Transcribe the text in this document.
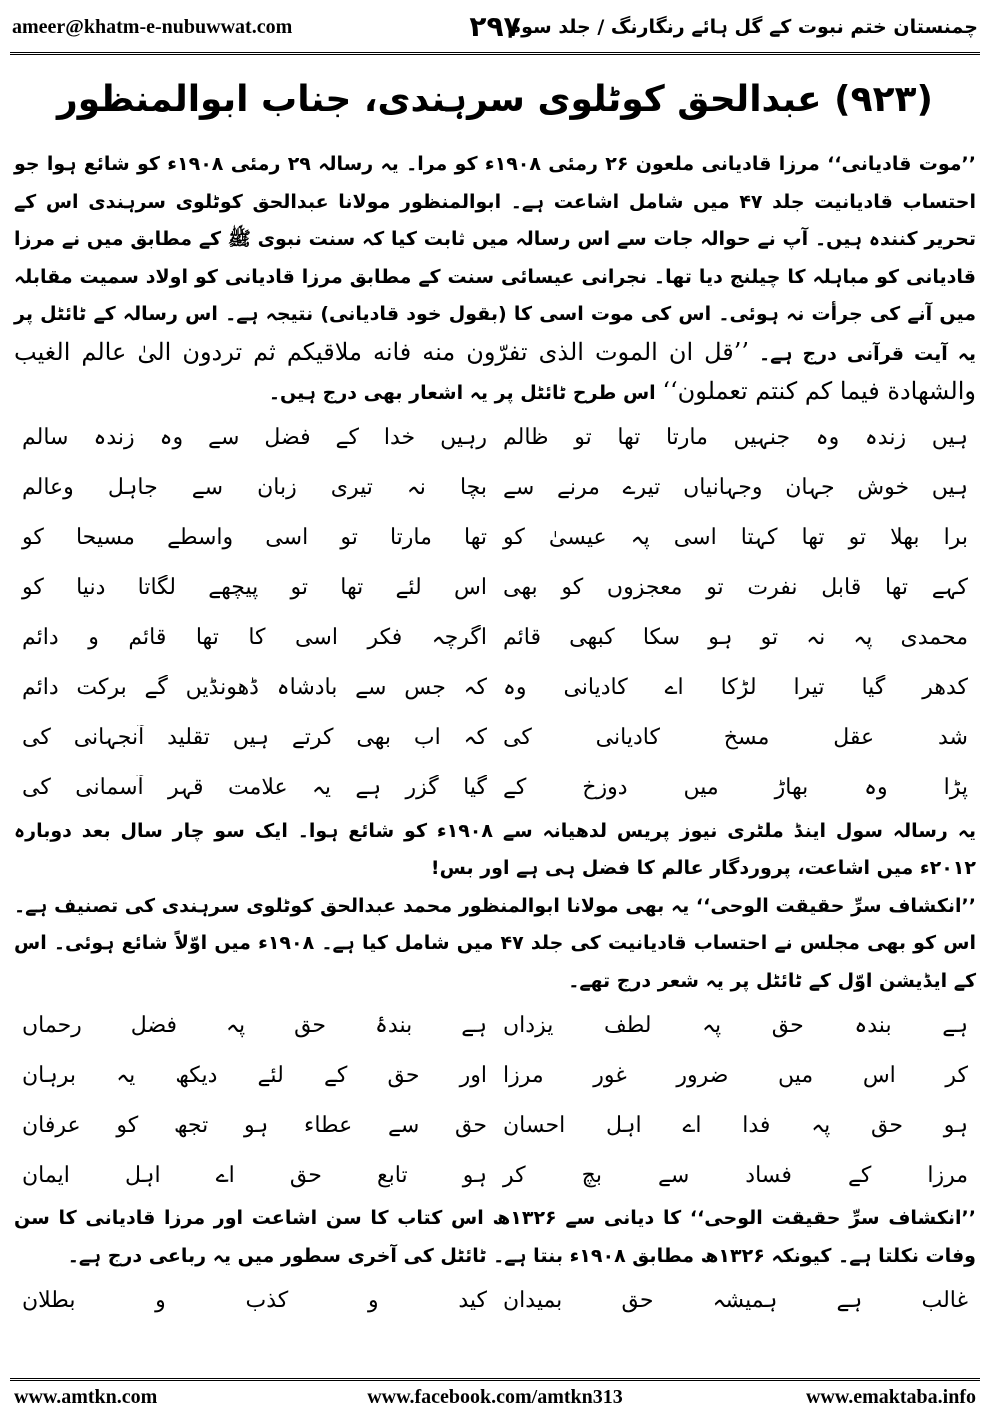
ameer@khatm-e-nubuwwat.com	۲۹۷
چمنستان ختم نبوت کے گل ہائے رنگارنگ / جلد سوم
(۹۲۳) عبدالحق کوٹلوی سرہندی، جناب ابوالمنظور

’’موت قادیانی‘‘ مرزا قادیانی ملعون ۲۶ رمئی ۱۹۰۸ء کو مرا۔ یہ رسالہ ۲۹ رمئی ۱۹۰۸ء کو شائع ہوا جو احتساب قادیانیت جلد ۴۷ میں شامل اشاعت ہے۔ ابوالمنظور مولانا عبدالحق کوٹلوی سرہندی اس کے تحریر کنندہ ہیں۔ آپ نے حوالہ جات سے اس رسالہ میں ثابت کیا کہ سنت نبوی ﷺ کے مطابق میں نے مرزا قادیانی کو مباہلہ کا چیلنج دیا تھا۔ نجرانی عیسائی سنت کے مطابق مرزا قادیانی کو اولاد سمیت مقابلہ میں آنے کی جرأت نہ ہوئی۔ اس کی موت اسی کا (بقول خود قادیانی) نتیجہ ہے۔ اس رسالہ کے ٹائٹل پر یہ آیت قرآنی درج ہے۔ ’’قل ان الموت الذی تفرّون منه فانه ملاقیکم ثم تردون الیٰ عالم الغیب والشهادة فیما کم کنتم تعملون‘‘ اس طرح ٹائٹل پر یہ اشعار بھی درج ہیں۔

ہیں زندہ وہ جنہیں مارتا تھا تو ظالم
رہیں خدا کے فضل سے وہ زندہ سالم
ہیں خوش جہان وجہانیاں تیرے مرنے سے
بچا نہ تیری زبان سے جاہل وعالم
برا بھلا تو تھا کہتا اسی پہ عیسیٰ کو
تھا مارتا تو اسی واسطے مسیحا کو
کہے تھا قابل نفرت تو معجزوں کو بھی
اس لئے تھا تو پیچھے لگاتا دنیا کو
محمدی پہ نہ تو ہو سکا کبھی قائم
اگرچہ فکر اسی کا تھا قائم و دائم
کدھر گیا تیرا لڑکا اے کادیانی وہ
کہ جس سے بادشاہ ڈھونڈیں گے برکت دائم
شد عقل مسخ کادیانی کی
کہ اب بھی کرتے ہیں تقلید آنجہانی کی
پڑا وہ بھاڑ میں دوزخ کے
گیا گزر ہے یہ علامت قہر آسمانی کی

یہ رسالہ سول اینڈ ملٹری نیوز پریس لدھیانہ سے ۱۹۰۸ء کو شائع ہوا۔ ایک سو چار سال بعد دوبارہ ۲۰۱۲ء میں اشاعت، پروردگار عالم کا فضل ہی ہے اور بس!

’’انکشاف سرِّ حقیقت الوحی‘‘ یہ بھی مولانا ابوالمنظور محمد عبدالحق کوٹلوی سرہندی کی تصنیف ہے۔ اس کو بھی مجلس نے احتساب قادیانیت کی جلد ۴۷ میں شامل کیا ہے۔ ۱۹۰۸ء میں اوّلاً شائع ہوئی۔ اس کے ایڈیشن اوّل کے ٹائٹل پر یہ شعر درج تھے۔

ہے بندہ حق پہ لطف یزداں
ہے بندۂ حق پہ فضل رحماں
کر اس میں ضرور غور مرزا
اور حق کے لئے دیکھ یہ برہان
ہو حق پہ فدا اے اہل احسان
حق سے عطاء ہو تجھ کو عرفان
مرزا کے فساد سے بچ کر
ہو تابع حق اے اہل ایمان

’’انکشاف سرِّ حقیقت الوحی‘‘ کا دیانی سے ۱۳۲۶ھ اس کتاب کا سن اشاعت اور مرزا قادیانی کا سن وفات نکلتا ہے۔ کیونکہ ۱۳۲۶ھ مطابق ۱۹۰۸ء بنتا ہے۔ ٹائٹل کی آخری سطور میں یہ رباعی درج ہے۔

غالب ہے ہمیشہ حق بمیدان
کید و کذب و بطلان
www.amtkn.com	www.facebook.com/amtkn313	www.emaktaba.info
